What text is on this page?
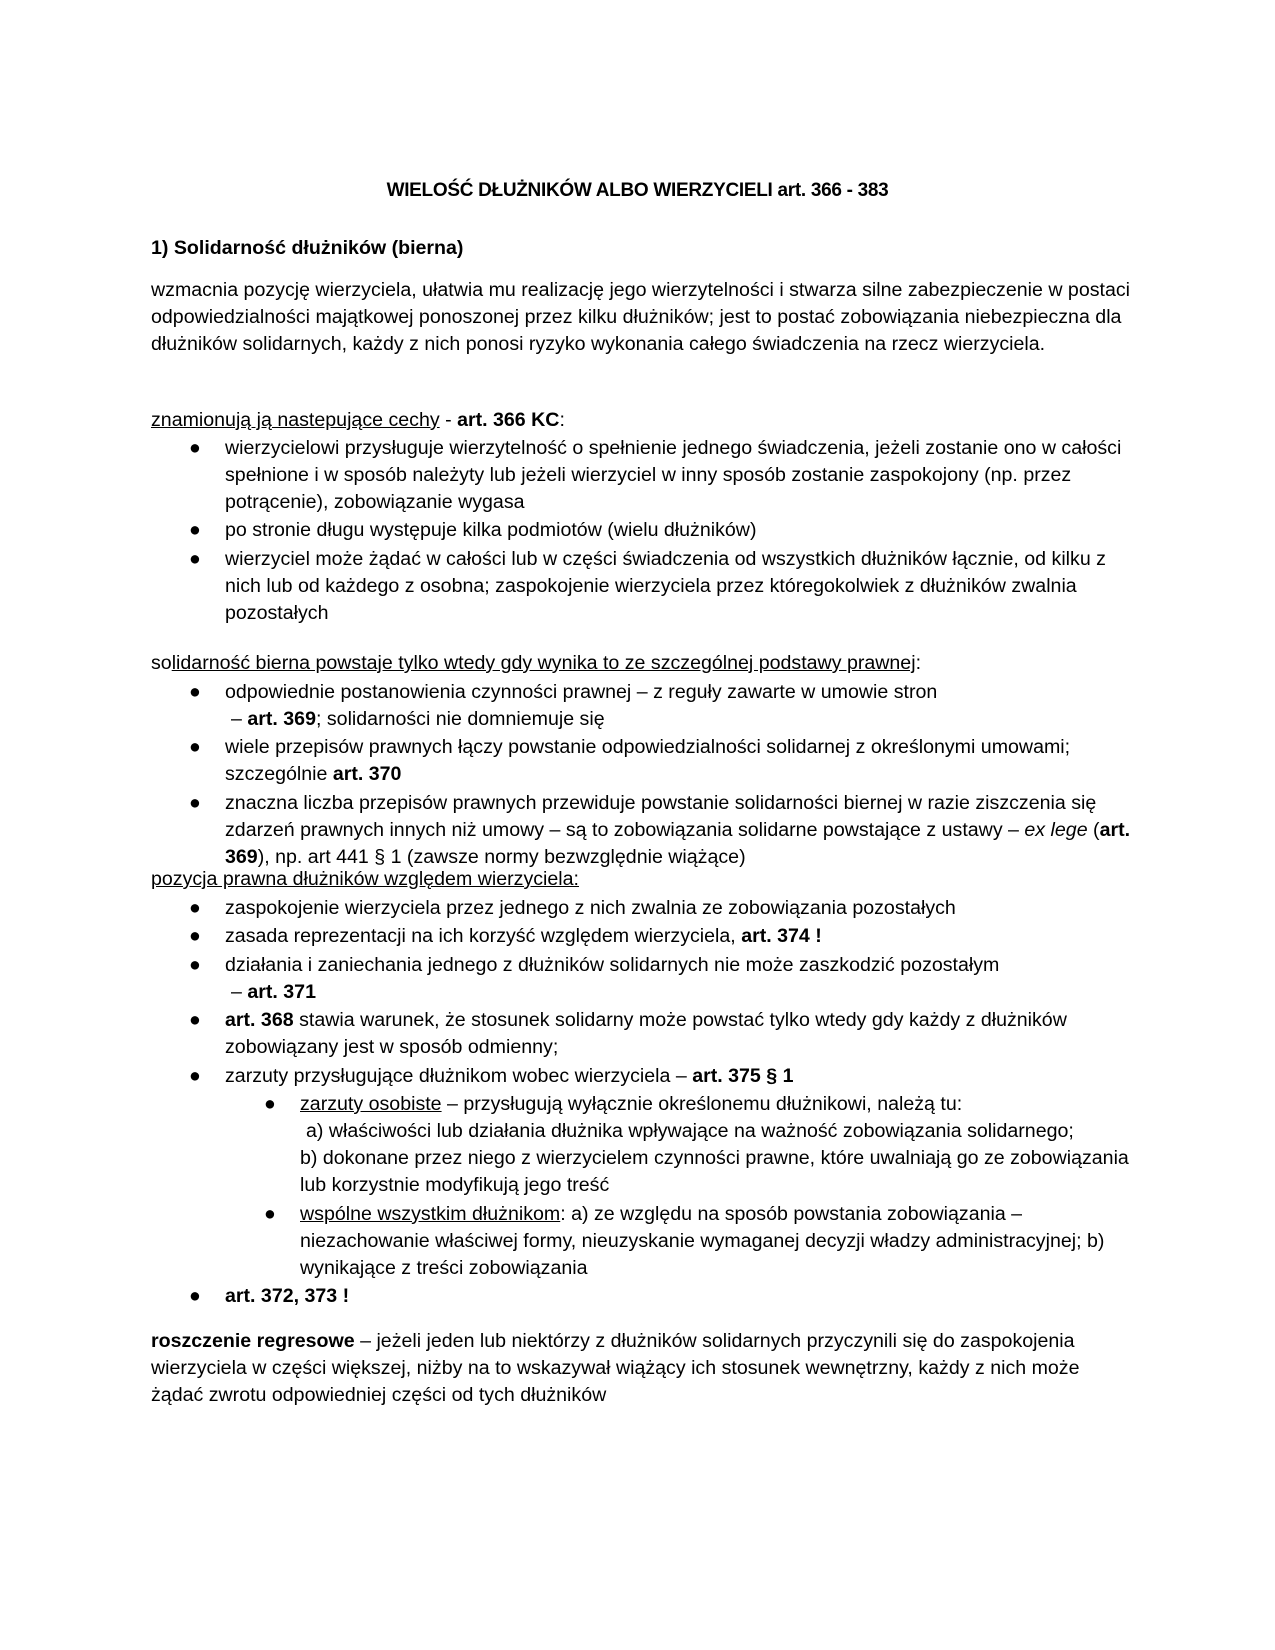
WIELOŚĆ DŁUŻNIKÓW ALBO WIERZYCIELI art. 366 - 383
1) Solidarność dłużników (bierna)
wzmacnia pozycję wierzyciela, ułatwia mu realizację jego wierzytelności i stwarza silne zabezpieczenie w postaci odpowiedzialności majątkowej ponoszonej przez kilku dłużników; jest to postać zobowiązania niebezpieczna dla dłużników solidarnych, każdy z nich ponosi ryzyko wykonania całego świadczenia na rzecz wierzyciela.
znamionują ją nastepujące cechy - art. 366 KC:
● wierzycielowi przysługuje wierzytelność o spełnienie jednego świadczenia, jeżeli zostanie ono w całości spełnione i w sposób należyty lub jeżeli wierzyciel w inny sposób zostanie zaspokojony (np. przez potrącenie), zobowiązanie wygasa
● po stronie długu występuje kilka podmiotów (wielu dłużników)
● wierzyciel może żądać w całości lub w części świadczenia od wszystkich dłużników łącznie, od kilku z nich lub od każdego z osobna; zaspokojenie wierzyciela przez któregokolwiek z dłużników zwalnia pozostałych
solidarność bierna powstaje tylko wtedy gdy wynika to ze szczególnej podstawy prawnej:
● odpowiednie postanowienia czynności prawnej – z reguły zawarte w umowie stron
– art. 369; solidarności nie domniemuje się
● wiele przepisów prawnych łączy powstanie odpowiedzialności solidarnej z określonymi umowami; szczególnie art. 370
● znaczna liczba przepisów prawnych przewiduje powstanie solidarności biernej w razie ziszczenia się zdarzeń prawnych innych niż umowy – są to zobowiązania solidarne powstające z ustawy – ex lege (art. 369), np. art 441 § 1 (zawsze normy bezwzględnie wiążące)
pozycja prawna dłużników względem wierzyciela:
● zaspokojenie wierzyciela przez jednego z nich zwalnia ze zobowiązania pozostałych
● zasada reprezentacji na ich korzyść względem wierzyciela, art. 374 !
● działania i zaniechania jednego z dłużników solidarnych nie może zaszkodzić pozostałym
– art. 371
● art. 368 stawia warunek, że stosunek solidarny może powstać tylko wtedy gdy każdy z dłużników zobowiązany jest w sposób odmienny;
● zarzuty przysługujące dłużnikom wobec wierzyciela – art. 375 § 1
● zarzuty osobiste – przysługują wyłącznie określonemu dłużnikowi, należą tu:
a) właściwości lub działania dłużnika wpływające na ważność zobowiązania solidarnego;
b) dokonane przez niego z wierzycielem czynności prawne, które uwalniają go ze zobowiązania lub korzystnie modyfikują jego treść
● wspólne wszystkim dłużnikom: a) ze względu na sposób powstania zobowiązania – niezachowanie właściwej formy, nieuzyskanie wymaganej decyzji władzy administracyjnej; b) wynikające z treści zobowiązania
● art. 372, 373 !
roszczenie regresowe – jeżeli jeden lub niektórzy z dłużników solidarnych przyczynili się do zaspokojenia wierzyciela w części większej, niżby na to wskazywał wiążący ich stosunek wewnętrzny, każdy z nich może żądać zwrotu odpowiedniej części od tych dłużników
